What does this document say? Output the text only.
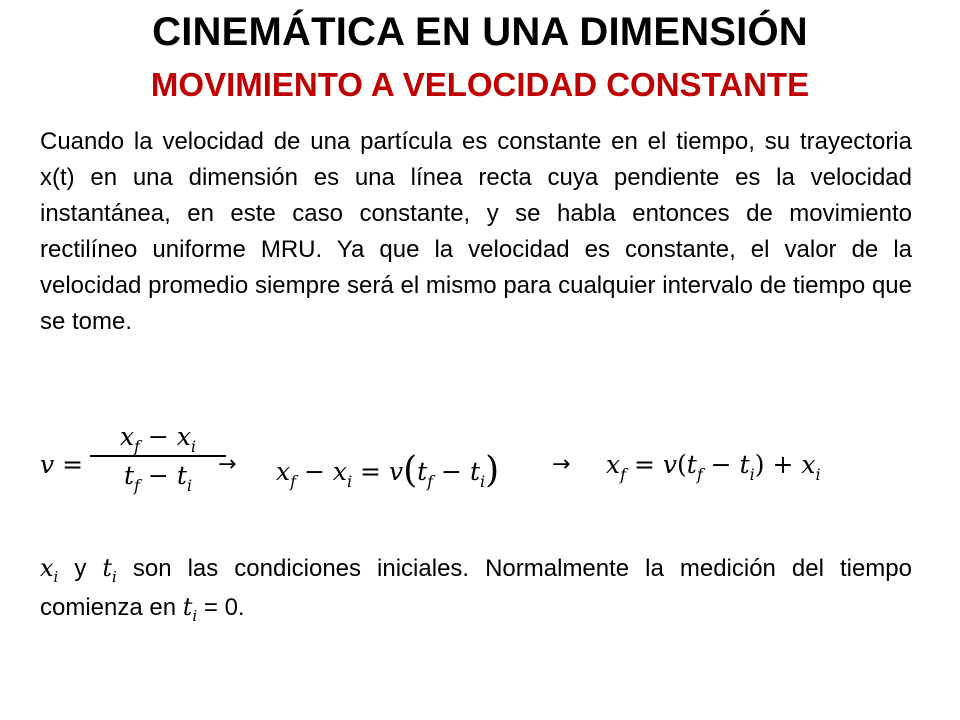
CINEMÁTICA EN UNA DIMENSIÓN
MOVIMIENTO A VELOCIDAD CONSTANTE
Cuando la velocidad de una partícula es constante en el tiempo, su trayectoria x(t) en una dimensión es una línea recta cuya pendiente es la velocidad instantánea, en este caso constante, y se habla entonces de movimiento rectilíneo uniforme MRU. Ya que la velocidad es constante, el valor de la velocidad promedio siempre será el mismo para cualquier intervalo de tiempo que se tome.
v =
$x_f - x_i$
$t_f - t_i$
→ $x_f - x_i = v(t_f - t_i) \to x_f = v(t_f - t_i) + x_i$
$x_i$ y $t_i$ son las condiciones iniciales. Normalmente la medición del tiempo comienza en $t_i = 0$.
